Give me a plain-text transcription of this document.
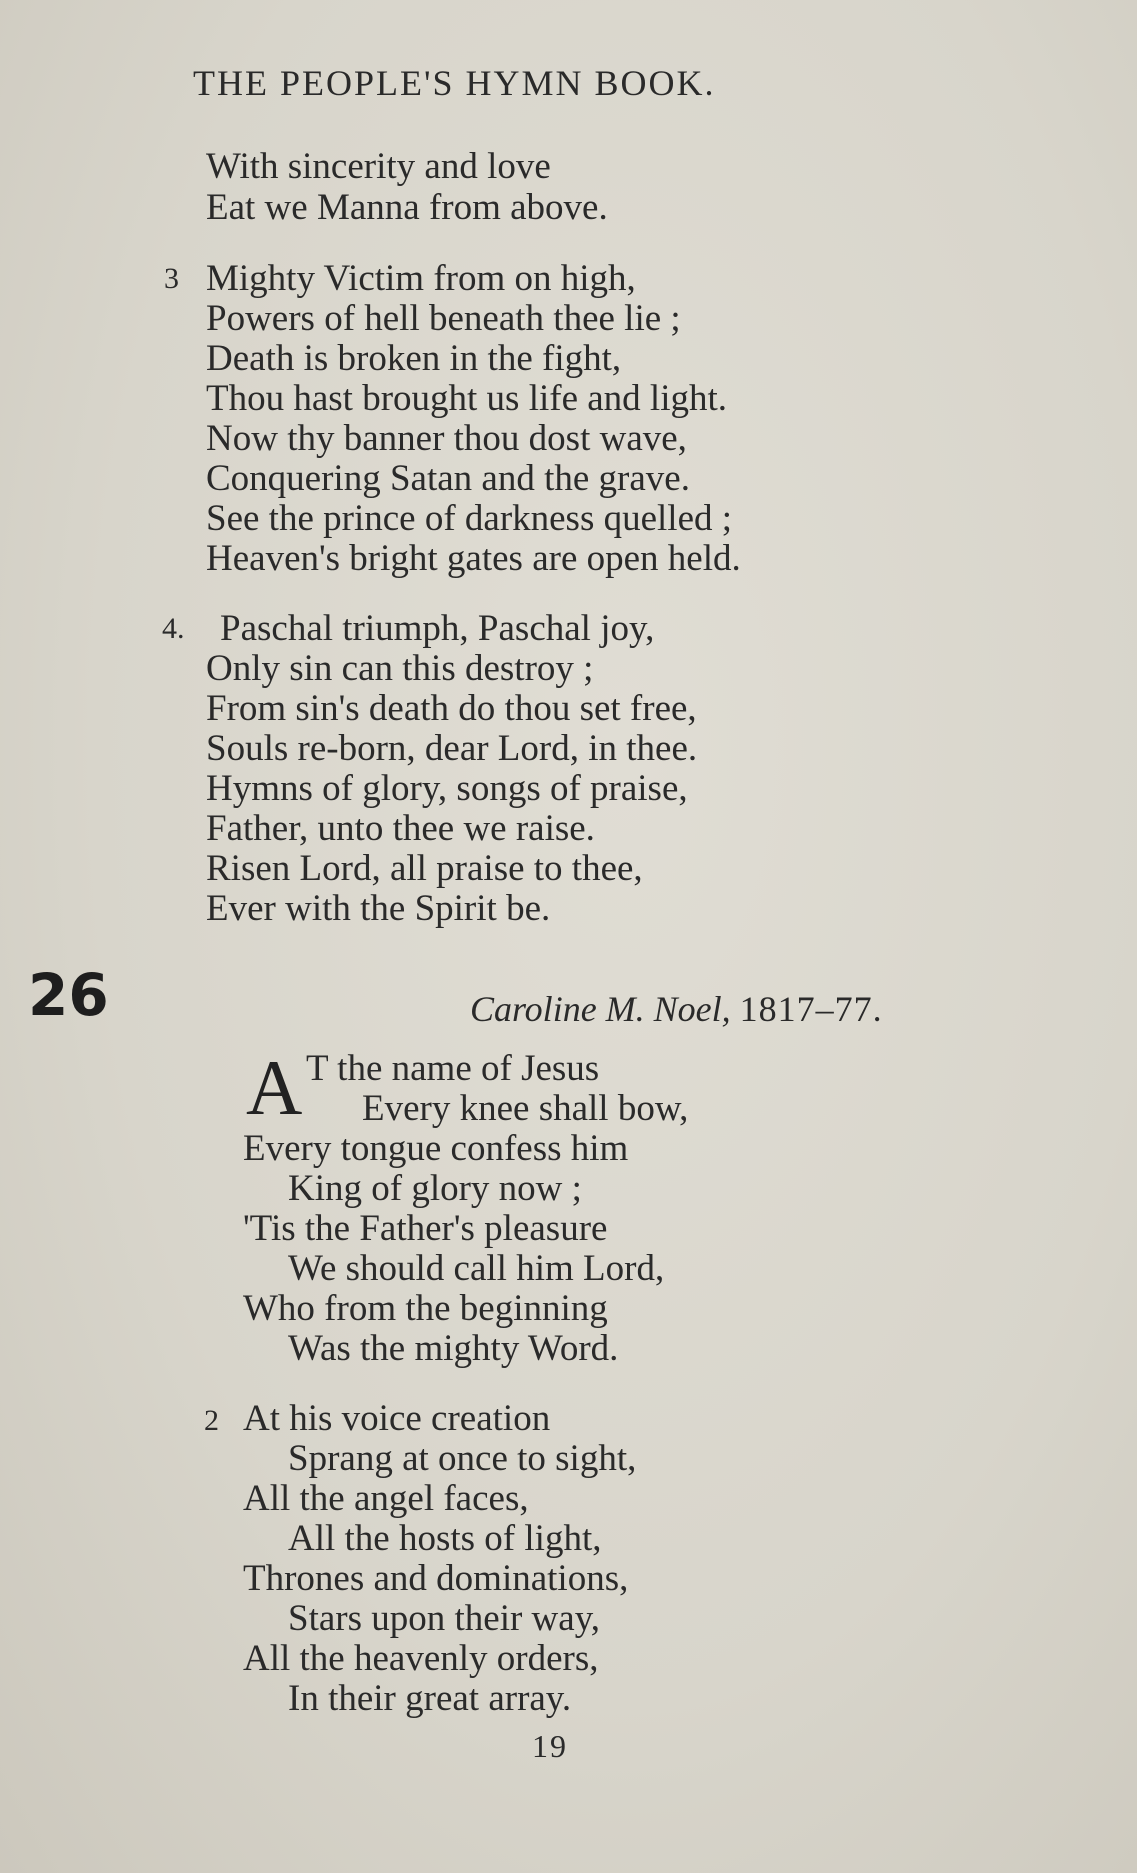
THE PEOPLE'S HYMN BOOK.
With sincerity and love
Eat we Manna from above.
3 Mighty Victim from on high,
Powers of hell beneath thee lie ;
Death is broken in the fight,
Thou hast brought us life and light.
Now thy banner thou dost wave,
Conquering Satan and the grave.
See the prince of darkness quelled ;
Heaven's bright gates are open held.
4. Paschal triumph, Paschal joy,
Only sin can this destroy ;
From sin's death do thou set free,
Souls re-born, dear Lord, in thee.
Hymns of glory, songs of praise,
Father, unto thee we raise.
Risen Lord, all praise to thee,
Ever with the Spirit be.
26	Caroline M. Noel, 1817–77.
A T the name of Jesus
Every knee shall bow,
Every tongue confess him
King of glory now ;
'Tis the Father's pleasure
We should call him Lord,
Who from the beginning
Was the mighty Word.
2 At his voice creation
Sprang at once to sight,
All the angel faces,
All the hosts of light,
Thrones and dominations,
Stars upon their way,
All the heavenly orders,
In their great array.
19
